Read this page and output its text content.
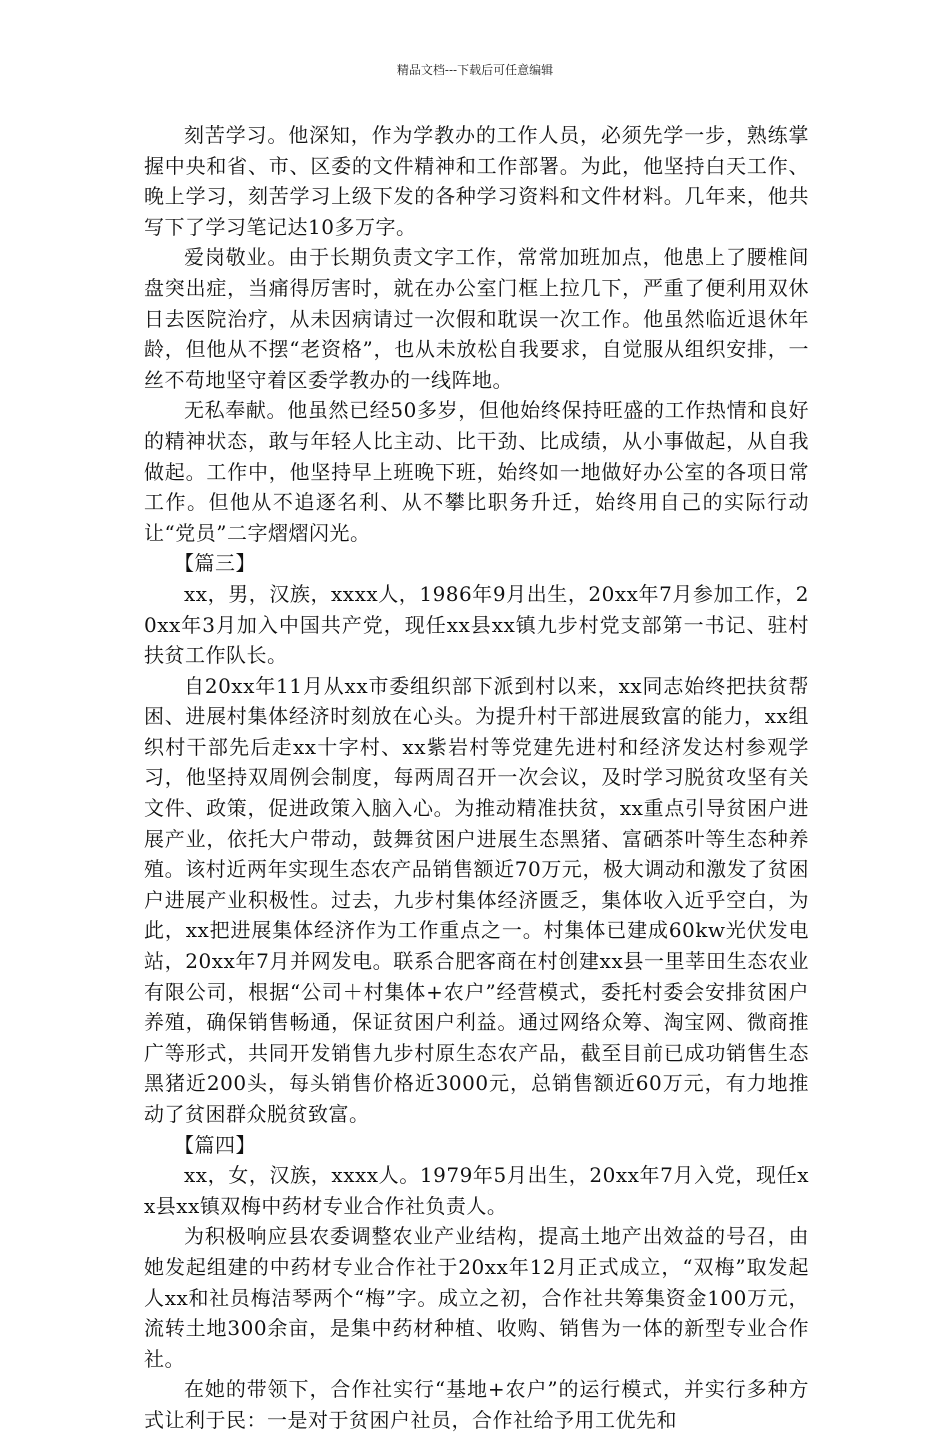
精品文档---下载后可任意编辑

刻苦学习。他深知，作为学教办的工作人员，必须先学一步，熟练掌握中央和省、市、区委的文件精神和工作部署。为此，他坚持白天工作、晚上学习，刻苦学习上级下发的各种学习资料和文件材料。几年来，他共写下了学习笔记达10多万字。

爱岗敬业。由于长期负责文字工作，常常加班加点，他患上了腰椎间盘突出症，当痛得厉害时，就在办公室门框上拉几下，严重了便利用双休日去医院治疗，从未因病请过一次假和耽误一次工作。他虽然临近退休年龄，但他从不摆“老资格”，也从未放松自我要求，自觉服从组织安排，一丝不苟地坚守着区委学教办的一线阵地。

无私奉献。他虽然已经50多岁，但他始终保持旺盛的工作热情和良好的精神状态，敢与年轻人比主动、比干劲、比成绩，从小事做起，从自我做起。工作中，他坚持早上班晚下班，始终如一地做好办公室的各项日常工作。但他从不追逐名利、从不攀比职务升迁，始终用自己的实际行动让“党员”二字熠熠闪光。

【篇三】

xx，男，汉族，xxxx人，1986年9月出生，20xx年7月参加工作，20xx年3月加入中国共产党，现任xx县xx镇九步村党支部第一书记、驻村扶贫工作队长。

自20xx年11月从xx市委组织部下派到村以来，xx同志始终把扶贫帮困、进展村集体经济时刻放在心头。为提升村干部进展致富的能力，xx组织村干部先后走xx十字村、xx紫岩村等党建先进村和经济发达村参观学习，他坚持双周例会制度，每两周召开一次会议，及时学习脱贫攻坚有关文件、政策，促进政策入脑入心。为推动精准扶贫，xx重点引导贫困户进展产业，依托大户带动，鼓舞贫困户进展生态黑猪、富硒茶叶等生态种养殖。该村近两年实现生态农产品销售额近70万元，极大调动和激发了贫困户进展产业积极性。过去，九步村集体经济匮乏，集体收入近乎空白，为此，xx把进展集体经济作为工作重点之一。村集体已建成60kw光伏发电站，20xx年7月并网发电。联系合肥客商在村创建xx县一里莘田生态农业有限公司，根据“公司＋村集体+农户”经营模式，委托村委会安排贫困户养殖，确保销售畅通，保证贫困户利益。通过网络众筹、淘宝网、微商推广等形式，共同开发销售九步村原生态农产品，截至目前已成功销售生态黑猪近200头，每头销售价格近3000元，总销售额近60万元，有力地推动了贫困群众脱贫致富。

【篇四】

xx，女，汉族，xxxx人。1979年5月出生，20xx年7月入党，现任xx县xx镇双梅中药材专业合作社负责人。

为积极响应县农委调整农业产业结构，提高土地产出效益的号召，由她发起组建的中药材专业合作社于20xx年12月正式成立，“双梅”取发起人xx和社员梅洁琴两个“梅”字。成立之初，合作社共筹集资金100万元，流转土地300余亩，是集中药材种植、收购、销售为一体的新型专业合作社。

在她的带领下，合作社实行“基地+农户”的运行模式，并实行多种方式让利于民：一是对于贫困户社员，合作社给予用工优先和
